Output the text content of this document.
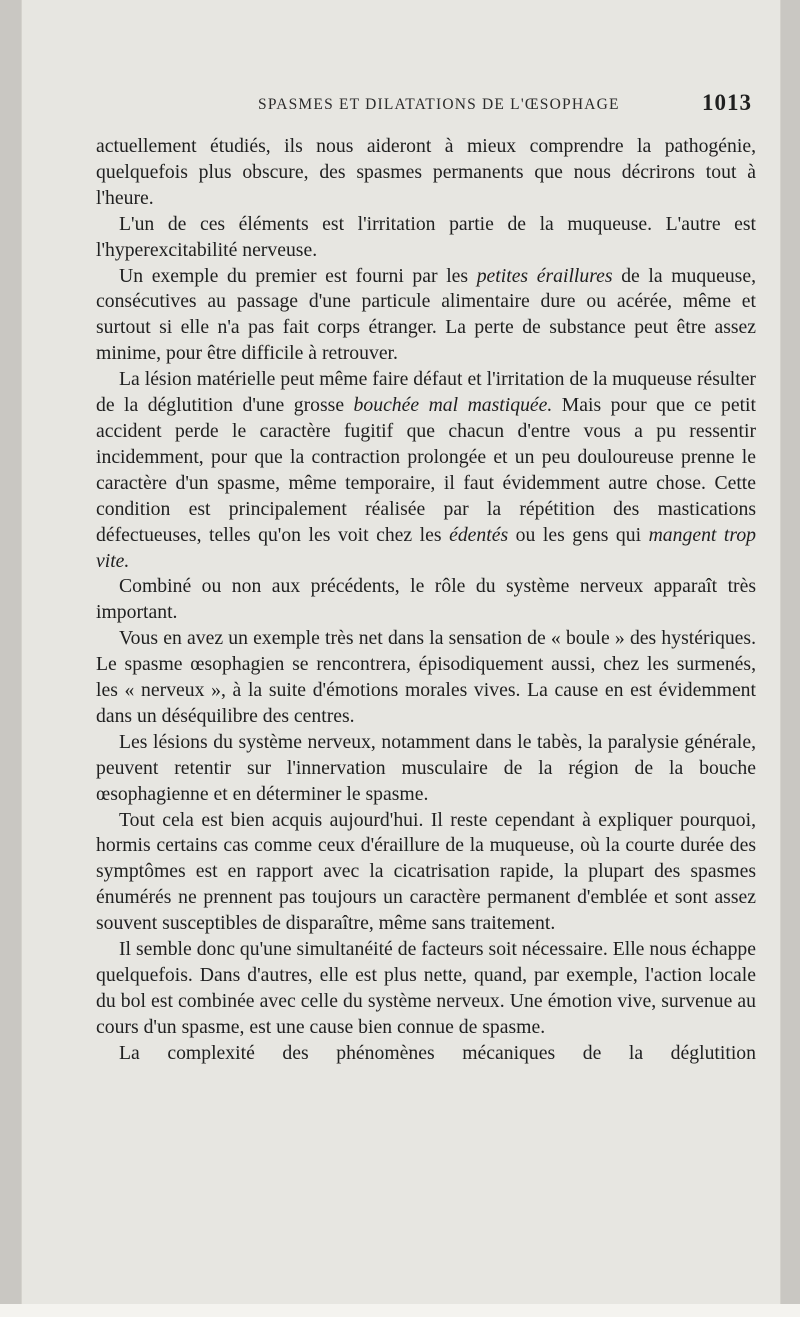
SPASMES ET DILATATIONS DE L'ŒSOPHAGE	1013

actuellement étudiés, ils nous aideront à mieux comprendre la pathogénie, quelquefois plus obscure, des spasmes permanents que nous décrirons tout à l'heure.

L'un de ces éléments est l'irritation partie de la muqueuse. L'autre est l'hyperexcitabilité nerveuse.

Un exemple du premier est fourni par les petites éraillures de la muqueuse, consécutives au passage d'une particule alimentaire dure ou acérée, même et surtout si elle n'a pas fait corps étranger. La perte de substance peut être assez minime, pour être difficile à retrouver.

La lésion matérielle peut même faire défaut et l'irritation de la muqueuse résulter de la déglutition d'une grosse bouchée mal mastiquée. Mais pour que ce petit accident perde le caractère fugitif que chacun d'entre vous a pu ressentir incidemment, pour que la contraction prolongée et un peu douloureuse prenne le caractère d'un spasme, même temporaire, il faut évidemment autre chose. Cette condition est principalement réalisée par la répétition des mastications défectueuses, telles qu'on les voit chez les édentés ou les gens qui mangent trop vite.

Combiné ou non aux précédents, le rôle du système nerveux apparaît très important.

Vous en avez un exemple très net dans la sensation de « boule » des hystériques. Le spasme œsophagien se rencontrera, épisodiquement aussi, chez les surmenés, les « nerveux », à la suite d'émotions morales vives. La cause en est évidemment dans un déséquilibre des centres.

Les lésions du système nerveux, notamment dans le tabès, la paralysie générale, peuvent retentir sur l'innervation musculaire de la région de la bouche œsophagienne et en déterminer le spasme.

Tout cela est bien acquis aujourd'hui. Il reste cependant à expliquer pourquoi, hormis certains cas comme ceux d'éraillure de la muqueuse, où la courte durée des symptômes est en rapport avec la cicatrisation rapide, la plupart des spasmes énumérés ne prennent pas toujours un caractère permanent d'emblée et sont assez souvent susceptibles de disparaître, même sans traitement.

Il semble donc qu'une simultanéité de facteurs soit nécessaire. Elle nous échappe quelquefois. Dans d'autres, elle est plus nette, quand, par exemple, l'action locale du bol est combinée avec celle du système nerveux. Une émotion vive, survenue au cours d'un spasme, est une cause bien connue de spasme.

La complexité des phénomènes mécaniques de la déglutition
